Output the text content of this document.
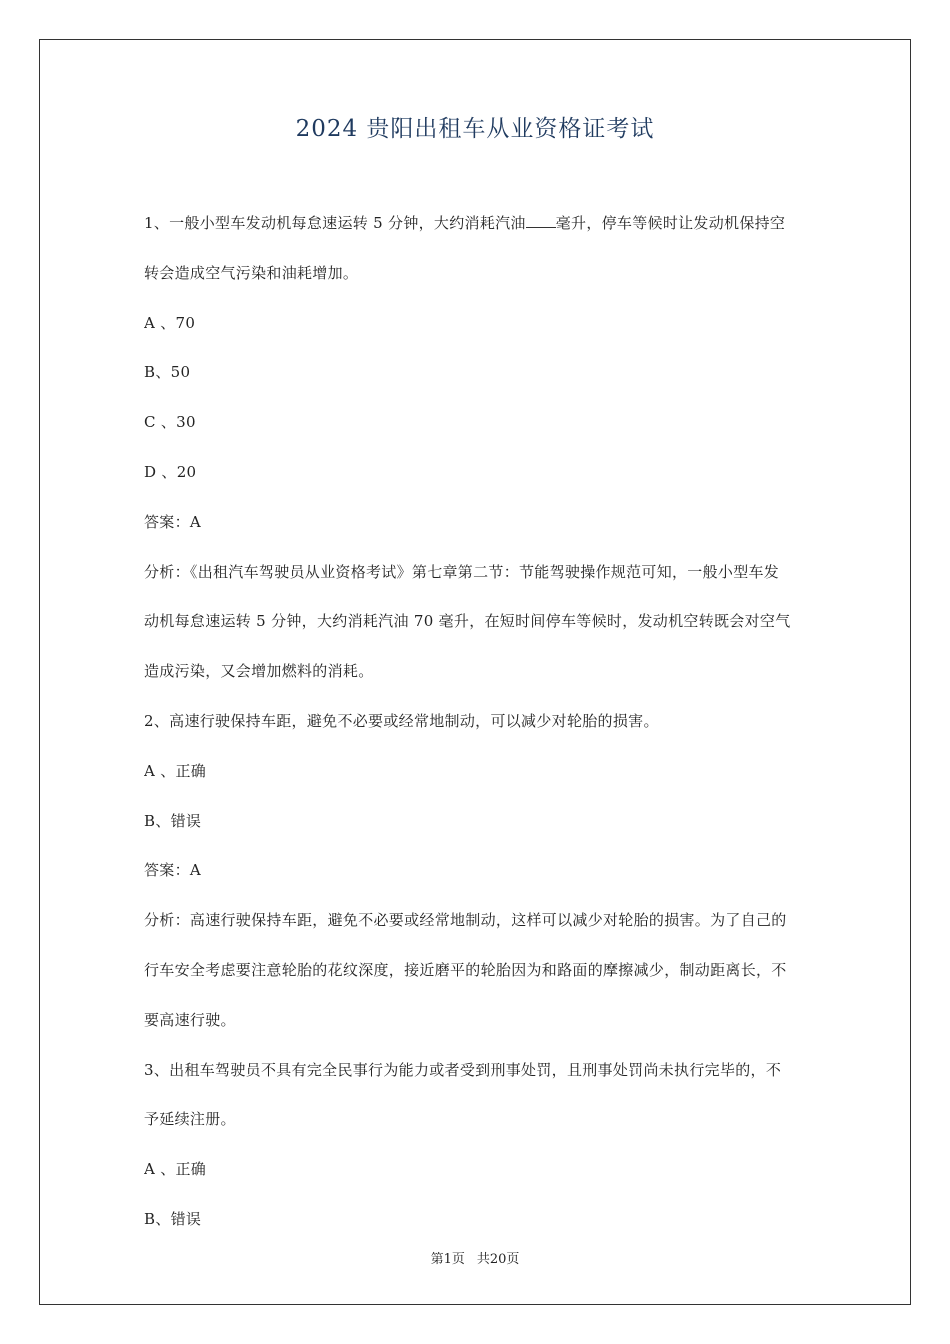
2024 贵阳出租车从业资格证考试
1、一般小型车发动机每怠速运转 5 分钟，大约消耗汽油 毫升，停车等候时让发动机保持空
转会造成空气污染和油耗增加。
A 、70
B、50
C 、30
D 、20
答案：A
分析：《出租汽车驾驶员从业资格考试》第七章第二节：节能驾驶操作规范可知，一般小型车发
动机每怠速运转 5 分钟，大约消耗汽油 70 毫升，在短时间停车等候时，发动机空转既会对空气
造成污染，又会增加燃料的消耗。
2、高速行驶保持车距，避免不必要或经常地制动，可以减少对轮胎的损害。
A 、正确
B、错误
答案：A
分析：高速行驶保持车距，避免不必要或经常地制动，这样可以减少对轮胎的损害。为了自己的
行车安全考虑要注意轮胎的花纹深度，接近磨平的轮胎因为和路面的摩擦减少，制动距离长，不
要高速行驶。
3、出租车驾驶员不具有完全民事行为能力或者受到刑事处罚，且刑事处罚尚未执行完毕的，不
予延续注册。
A 、正确
B、错误
第1页 共20页
